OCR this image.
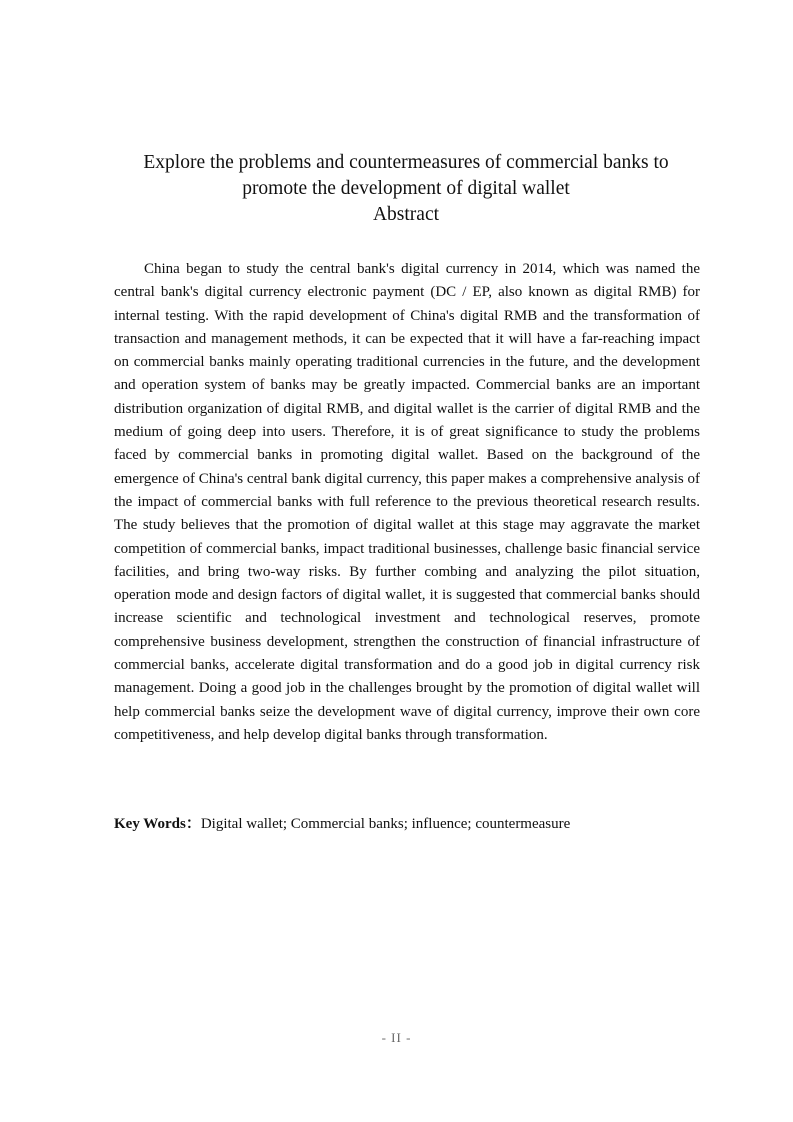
Explore the problems and countermeasures of commercial banks to
promote the development of digital wallet
Abstract

China began to study the central bank's digital currency in 2014, which was named the central bank's digital currency electronic payment (DC / EP, also known as digital RMB) for internal testing. With the rapid development of China's digital RMB and the transformation of transaction and management methods, it can be expected that it will have a far-reaching impact on commercial banks mainly operating traditional currencies in the future, and the development and operation system of banks may be greatly impacted. Commercial banks are an important distribution organization of digital RMB, and digital wallet is the carrier of digital RMB and the medium of going deep into users. Therefore, it is of great significance to study the problems faced by commercial banks in promoting digital wallet. Based on the background of the emergence of China's central bank digital currency, this paper makes a comprehensive analysis of the impact of commercial banks with full reference to the previous theoretical research results. The study believes that the promotion of digital wallet at this stage may aggravate the market competition of commercial banks, impact traditional businesses, challenge basic financial service facilities, and bring two-way risks. By further combing and analyzing the pilot situation, operation mode and design factors of digital wallet, it is suggested that commercial banks should increase scientific and technological investment and technological reserves, promote comprehensive business development, strengthen the construction of financial infrastructure of commercial banks, accelerate digital transformation and do a good job in digital currency risk management. Doing a good job in the challenges brought by the promotion of digital wallet will help commercial banks seize the development wave of digital currency, improve their own core competitiveness, and help develop digital banks through transformation.

Key Words：Digital wallet; Commercial banks; influence; countermeasure
- II -
